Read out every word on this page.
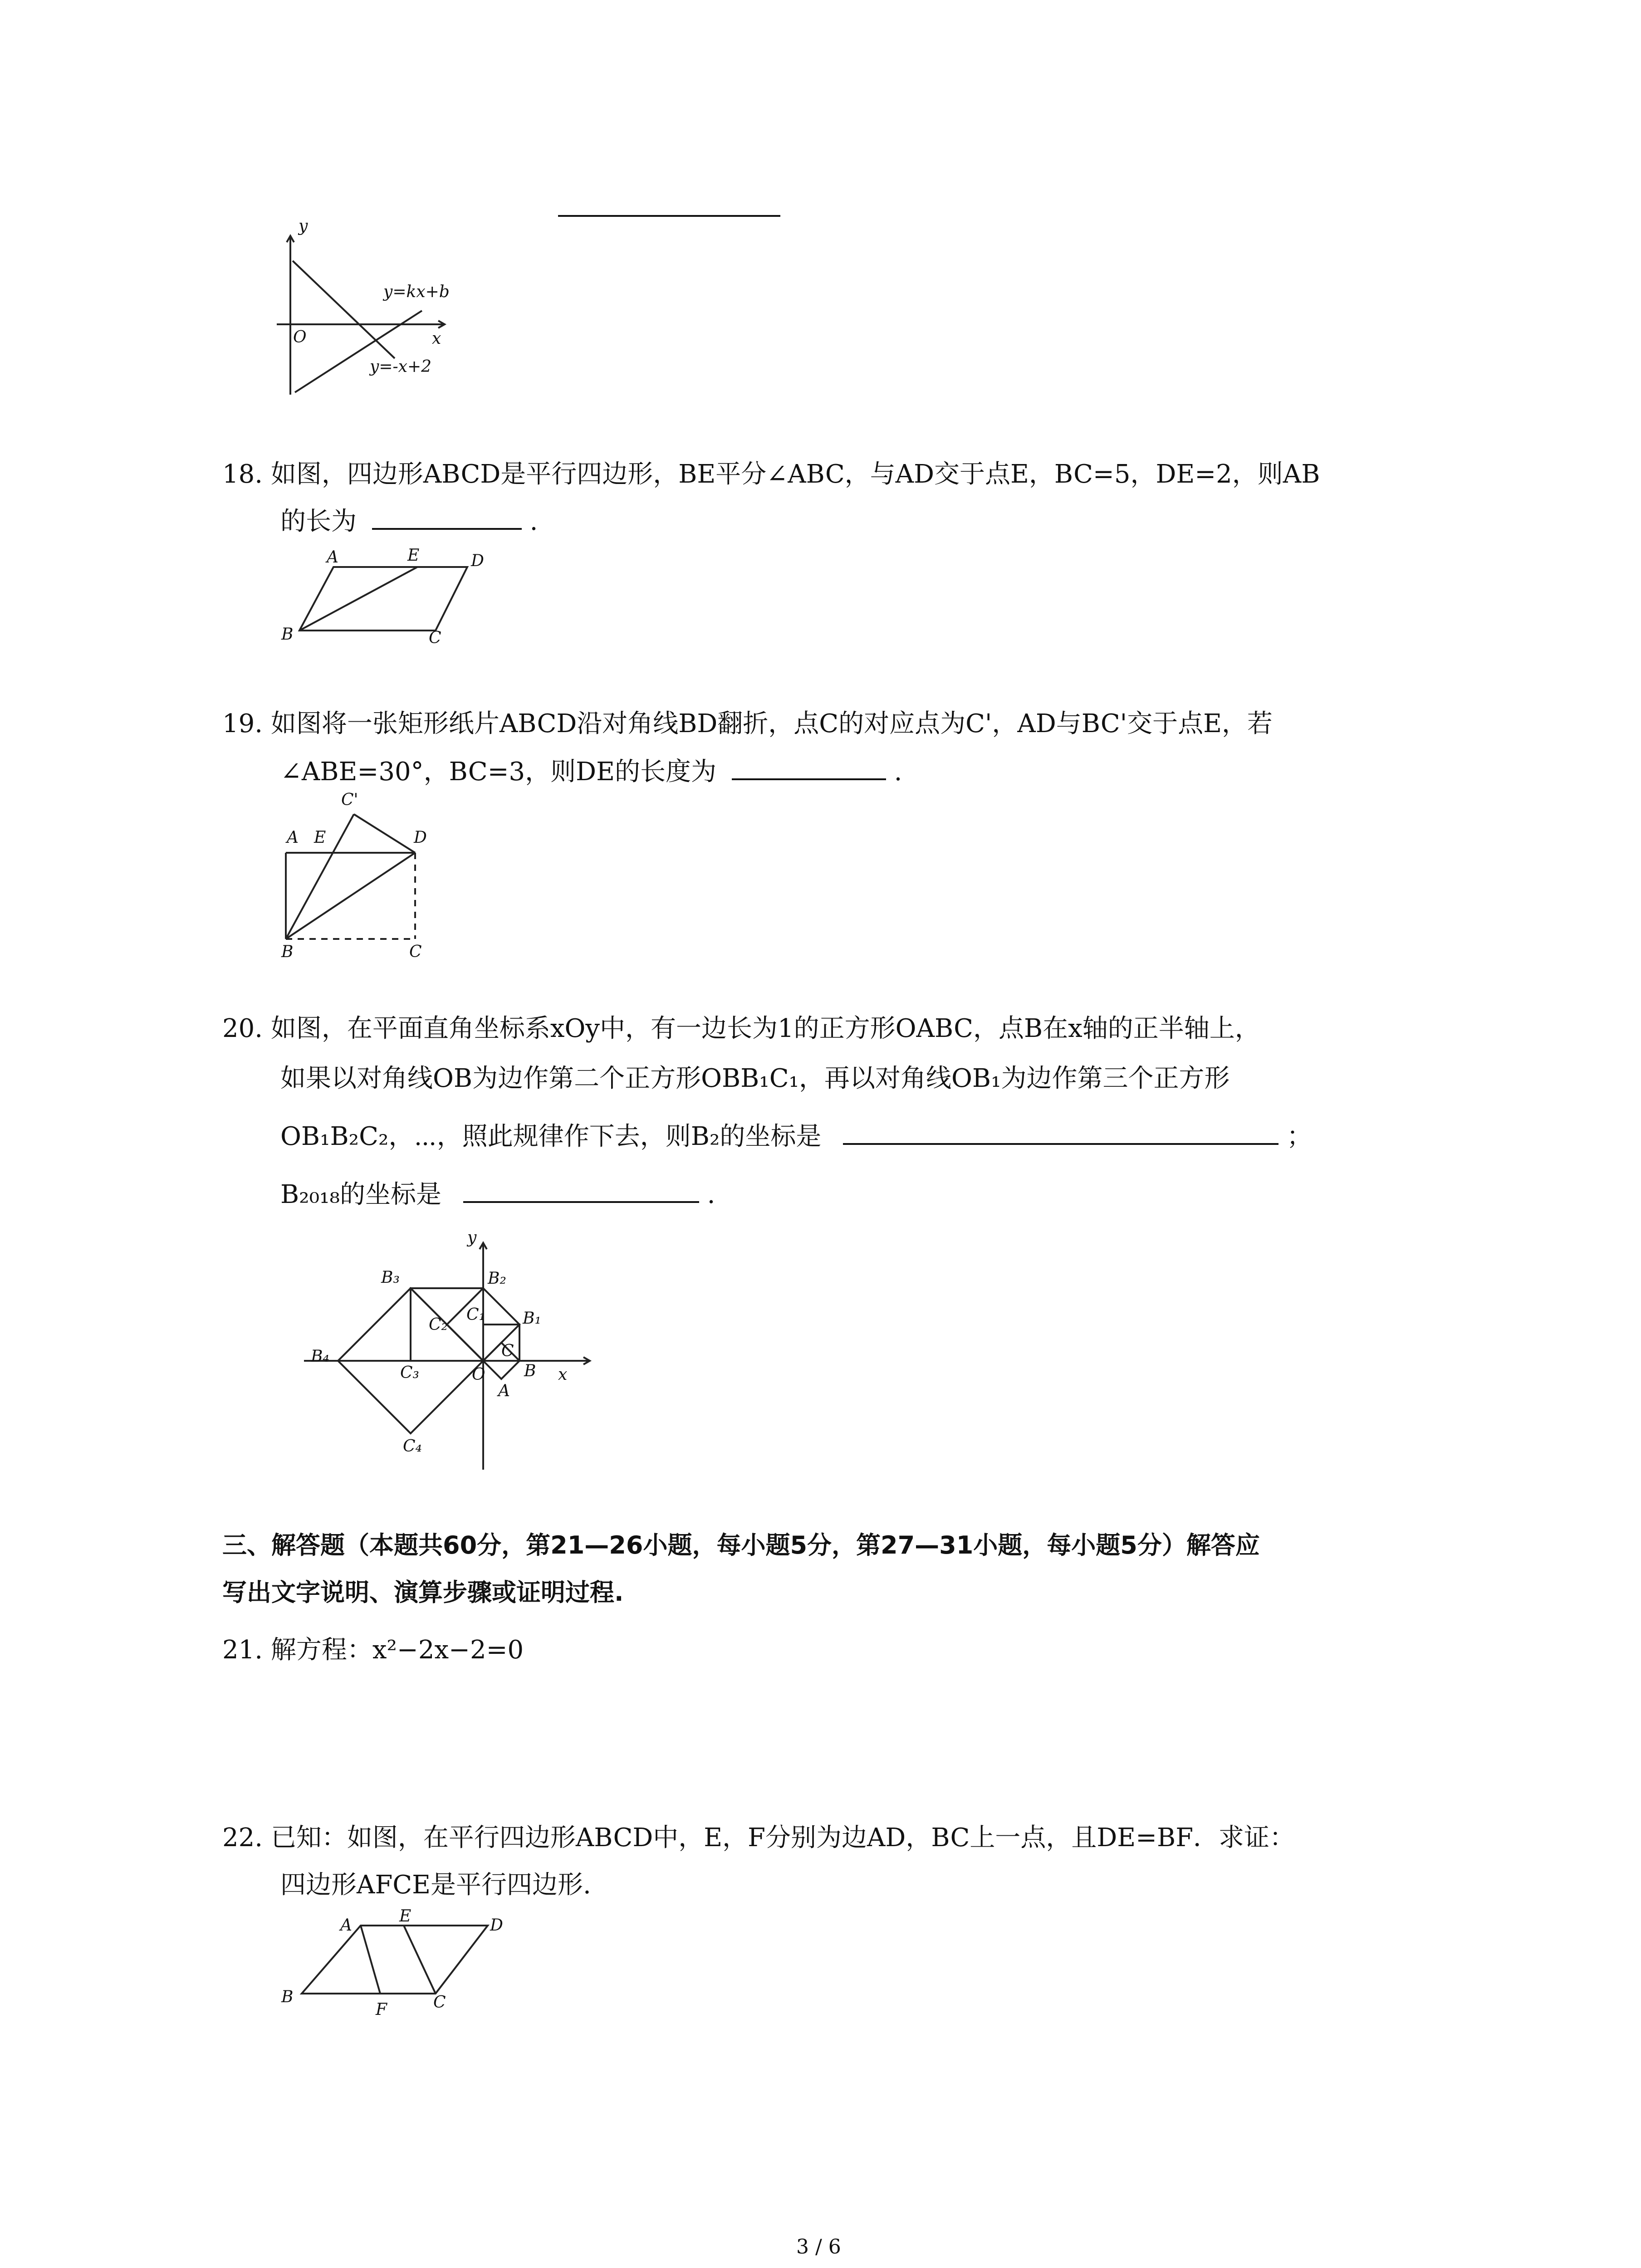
y
x
O
y=kx+b
y=-x+2
18. 如图，四边形ABCD是平行四边形，BE平分∠ABC，与AD交于点E，BC=5，DE=2，则AB
的长为	.
A	E	D
B	C
19. 如图将一张矩形纸片ABCD沿对角线BD翻折，点C的对应点为C'，AD与BC'交于点E，若
∠ABE=30°，BC=3，则DE的长度为	.
C'
A E	D
B	C
20. 如图，在平面直角坐标系xOy中，有一边长为1的正方形OABC，点B在x轴的正半轴上，
如果以对角线OB为边作第二个正方形OBB₁C₁，再以对角线OB₁为边作第三个正方形
OB₁B₂C₂，⋯，照此规律作下去，则B₂的坐标是	；
B₂₀₁₈的坐标是	.
y
x
O
A
B
C
B₁
C₁
B₂
C₂
B₃
C₃
B₄
C₄
三、解答题（本题共60分，第21—26小题，每小题5分，第27—31小题，每小题5分）解答应
写出文字说明、演算步骤或证明过程.
21. 解方程：x²−2x−2=0
22. 已知：如图，在平行四边形ABCD中，E，F分别为边AD，BC上一点，且DE=BF．求证：
四边形AFCE是平行四边形.
A	E	D
B
F	C
3 / 6
